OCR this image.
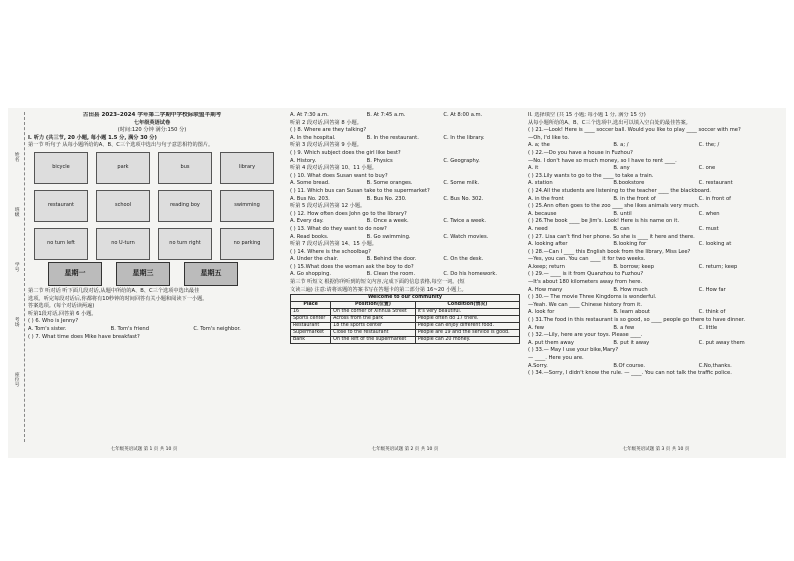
姓名
班级
学号
考场
座位号

古田县 2023–2024 学年第二学期中学校际联盟半期考

七年级英语试卷

(时间:120 分钟 满分:150 分)

I. 听力 (共三节, 20 小题, 每小题 1.5 分, 满分 30 分)

第一节 听句子 从每小题所给的A、B、C三个选项中选出与句子意思相符的图片。

bicycle	park	bus	library
restaurant	school	reading boy	swimming
no turn left	no U-turn	no turn right	no parking
星期一	星期三	星期五

第二节 听对话 听下面几段对话,从题中所给的A、B、C三个选项中选出最佳

选项。听完每段对话后,你都将有10秒钟的时间回答有关小题和阅读下一小题。

答案选项。(每个对话读两遍)

听第1段对话,回答第 6 小题。

( ) 6. Who is Jenny?

A. Tom's sister.	B. Tom's friend	C. Tom's neighbor.

( ) 7. What time does Mike have breakfast?

七年级英语试题 第 1 页 共 10 页
A. At 7:30 a.m.	B. At 7:45 a.m.	C. At 8:00 a.m.

听第 2 段对话,回答第 8 小题。

( ) 8. Where are they talking?

A. In the hospital.	B. In the restaurant.	C. In the library.

听第 3 段对话,回答第 9 小题。

( ) 9. Which subject does the girl like best?

A. History.	B. Physics	C. Geography.

听第 4 段对话,回答第 10、11 小题。

( ) 10. What does Susan want to buy?

A. Some bread.	B. Some oranges.	C. Some milk.

( ) 11. Which bus can Susan take to the supermarket?

A. Bus No. 203.	B. Bus No. 230.	C. Bus No. 302.

听第 5 段对话,回答第 12 小题。

( ) 12. How often does John go to the library?

A. Every day.	B. Once a week.	C. Twice a week.

( ) 13. What do they want to do now?

A. Read books.	B. Go swimming.	C. Watch movies.

听第 7 段对话,回答第 14、15 小题。

( ) 14. Where is the schoolbag?

A. Under the chair.	B. Behind the door.	C. On the desk.

( ) 15.What does the woman ask the boy to do?

A. Go shopping.	B. Clean the room.	C. Do his homework.

第三节 听短文 根据你所听到的短文内容,完成下面的信息表格,每空一词。(短

文读三遍) 注意:请将该题的答案书写在答题卡的第二部分第 16~20 小题上。

Welcome to our community		
Place	Position(位置)	Condition(情况)
16	On the corner of Xinhua Street	It's very beautiful.
Sports center	Across from the park	People often do 17 there.
Restaurant	18 the sports center	People can enjoy different food.
Supermarket	Close to the restaurant	People are 19 and the service is good.
Bank	On the left of the supermarket	People can 20 money.
七年级英语试题 第 2 页 共 10 页

II. 选择填空 (共 15 小题; 每小题 1 分, 满分 15 分)

从每小题所给的A、B、C三个选项中,选出可以填入空白处的最佳答案。

( ) 21.—Look! Here is ____ soccer ball. Would you like to play ____ soccer with me?

—Oh, I'd like to.

A. a; the	B. a; /	C. the; /

( ) 22.—Do you have a house in Fuzhou?

—No. I don't have so much money, so I have to rent ____.

A. it	B. any	C. one

( ) 23.Lily wants to go to the ____ to take a train.

A. station	B.bookstore	C. restaurant

( ) 24.All the students are listening to the teacher ____ the blackboard.

A. in the front	B. in the front of	C. in front of

( ) 25.Ann often goes to the zoo ____ she likes animals very much.

A. because	B. until	C. when

( ) 26.The book ____ be Jim's. Look! Here is his name on it.

A. need	B. can	C. must

( ) 27. Lisa can't find her phone. So she is ____ it here and there.

A. looking after	B.looking for	C. looking at

( ) 28.—Can I ____ this English book from the library, Miss Lee?

—Yes, you can. You can ____ it for two weeks.

A.keep; return	B. borrow; keep	C. return; keep

( ) 29.— ____ is it from Quanzhou to Fuzhou?

—It's about 180 kilometers away from here.

A. How many	B. How much	C. How far

( ) 30.— The movie Three Kingdoms is wonderful.

—Yeah. We can ____ Chinese history from it.

A. look for	B. learn about	C. think of

( ) 31.The food in this restaurant is so good, so ____ people go there to have dinner.

A. few	B. a few	C. little

( ) 32.—Lily, here are your toys. Please ____.

A. put them away	B. put it away	C. put away them

( ) 33.— May I use your bike,Mary?

— ____. Here you are.

A.Sorry.	B.Of course.	C.No,thanks.

( ) 34.—Sorry, I didn't know the rule. — ____. You can not talk the traffic police.

七年级英语试题 第 3 页 共 10 页
